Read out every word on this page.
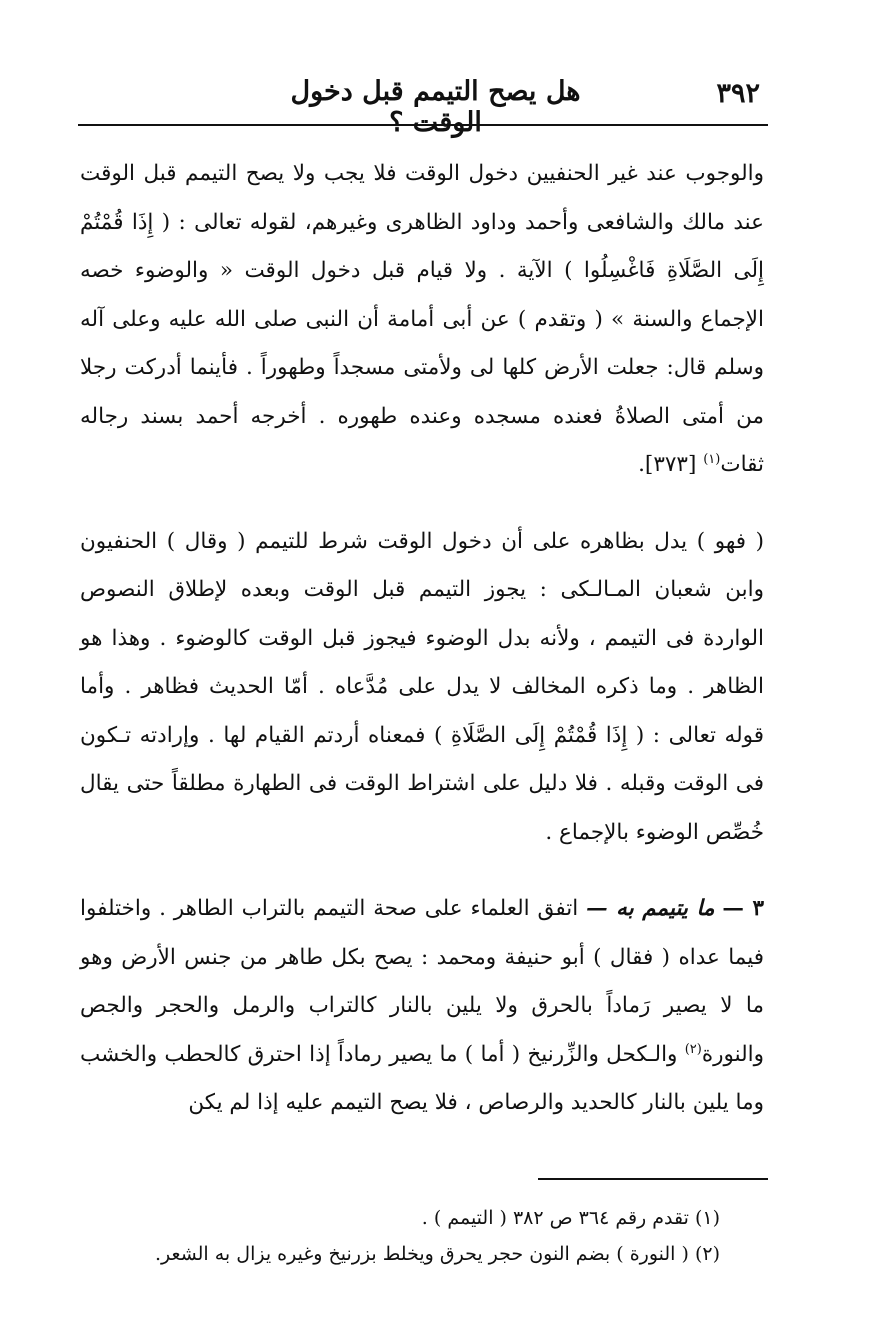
٣٩٢
هل يصح التيمم قبل دخول الوقت ؟

والوجوب عند غير الحنفيين دخول الوقت فلا يجب ولا يصح التيمم قبل الوقت عند مالك والشافعى وأحمد وداود الظاهرى وغيرهم، لقوله تعالى : ( إِذَا قُمْتُمْ إِلَى الصَّلَاةِ فَاغْسِلُوا ) الآية . ولا قيام قبل دخول الوقت « والوضوء خصه الإجماع والسنة » ( وتقدم ) عن أبى أمامة أن النبى صلى الله عليه وعلى آله وسلم قال: جعلت الأرض كلها لى ولأمتى مسجداً وطهوراً . فأينما أدركت رجلا من أمتى الصلاةُ فعنده مسجده وعنده طهوره . أخرجه أحمد بسند رجاله ثقات$^{(١)}$ [٣٧٣].

( فهو ) يدل بظاهره على أن دخول الوقت شرط للتيمم ( وقال ) الحنفيون وابن شعبان المـالـكى : يجوز التيمم قبل الوقت وبعده لإطلاق النصوص الواردة فى التيمم ، ولأنه بدل الوضوء فيجوز قبل الوقت كالوضوء . وهذا هو الظاهر . وما ذكره المخالف لا يدل على مُدَّعاه . أمّا الحديث فظاهر . وأما قوله تعالى : ( إِذَا قُمْتُمْ إِلَى الصَّلَاةِ ) فمعناه أردتم القيام لها . وإرادته تـكون فى الوقت وقبله . فلا دليل على اشتراط الوقت فى الطهارة مطلقاً حتى يقال خُصِّص الوضوء بالإجماع .

٣ — ما يتيمم به — اتفق العلماء على صحة التيمم بالتراب الطاهر . واختلفوا فيما عداه ( فقال ) أبو حنيفة ومحمد : يصح بكل طاهر من جنس الأرض وهو ما لا يصير رَماداً بالحرق ولا يلين بالنار كالتراب والرمل والحجر والجص والنورة$^{(٢)}$ والـكحل والزِّرنيخ ( أما ) ما يصير رماداً إذا احترق كالحطب والخشب وما يلين بالنار كالحديد والرصاص ، فلا يصح التيمم عليه إذا لم يكن

(١) تقدم رقم ٣٦٤ ص ٣٨٢ ( التيمم ) .

(٢) ( النورة ) بضم النون حجر يحرق ويخلط بزرنيخ وغيره يزال به الشعر.
